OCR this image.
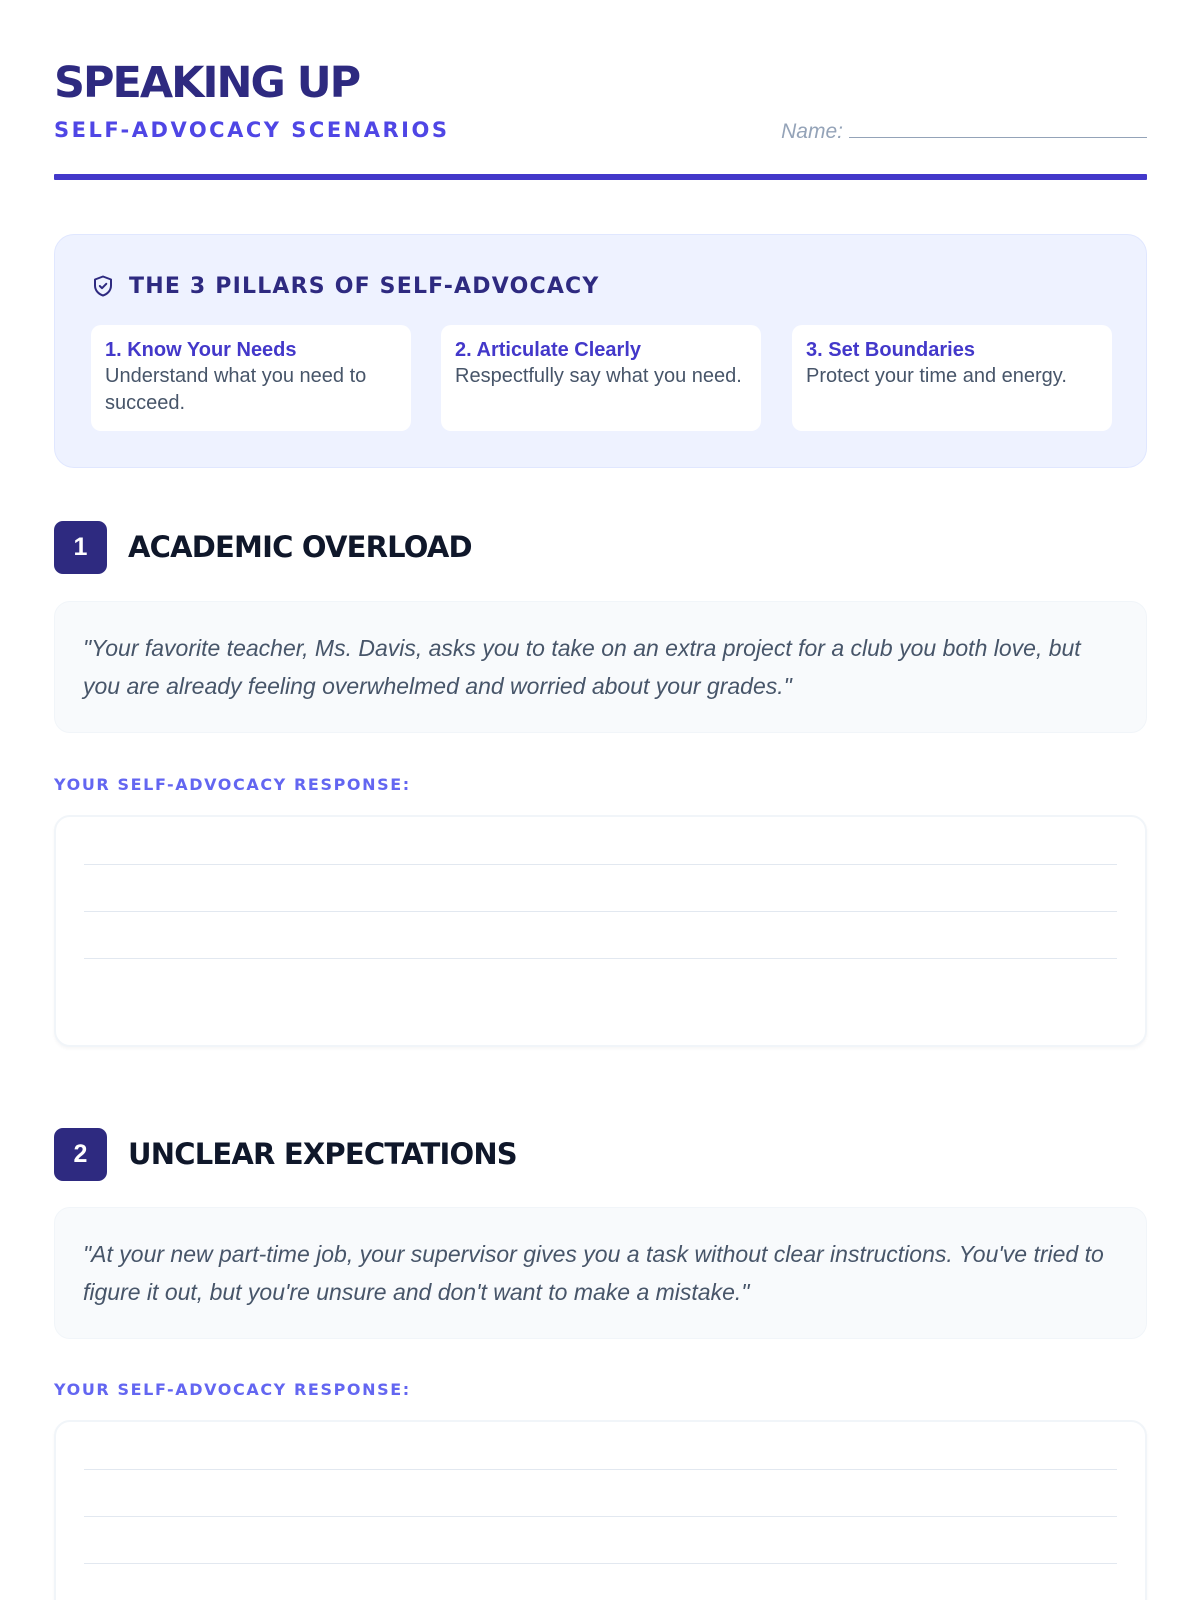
SPEAKING UP
SELF-ADVOCACY SCENARIOS	Name:
THE 3 PILLARS OF SELF-ADVOCACY
1. Know Your Needs
Understand what you need to succeed.
2. Articulate Clearly
Respectfully say what you need.
3. Set Boundaries
Protect your time and energy.
1	ACADEMIC OVERLOAD
"Your favorite teacher, Ms. Davis, asks you to take on an extra project for a club you both love, but you are already feeling overwhelmed and worried about your grades."
YOUR SELF-ADVOCACY RESPONSE:
2	UNCLEAR EXPECTATIONS
"At your new part-time job, your supervisor gives you a task without clear instructions. You've tried to figure it out, but you're unsure and don't want to make a mistake."
YOUR SELF-ADVOCACY RESPONSE:
